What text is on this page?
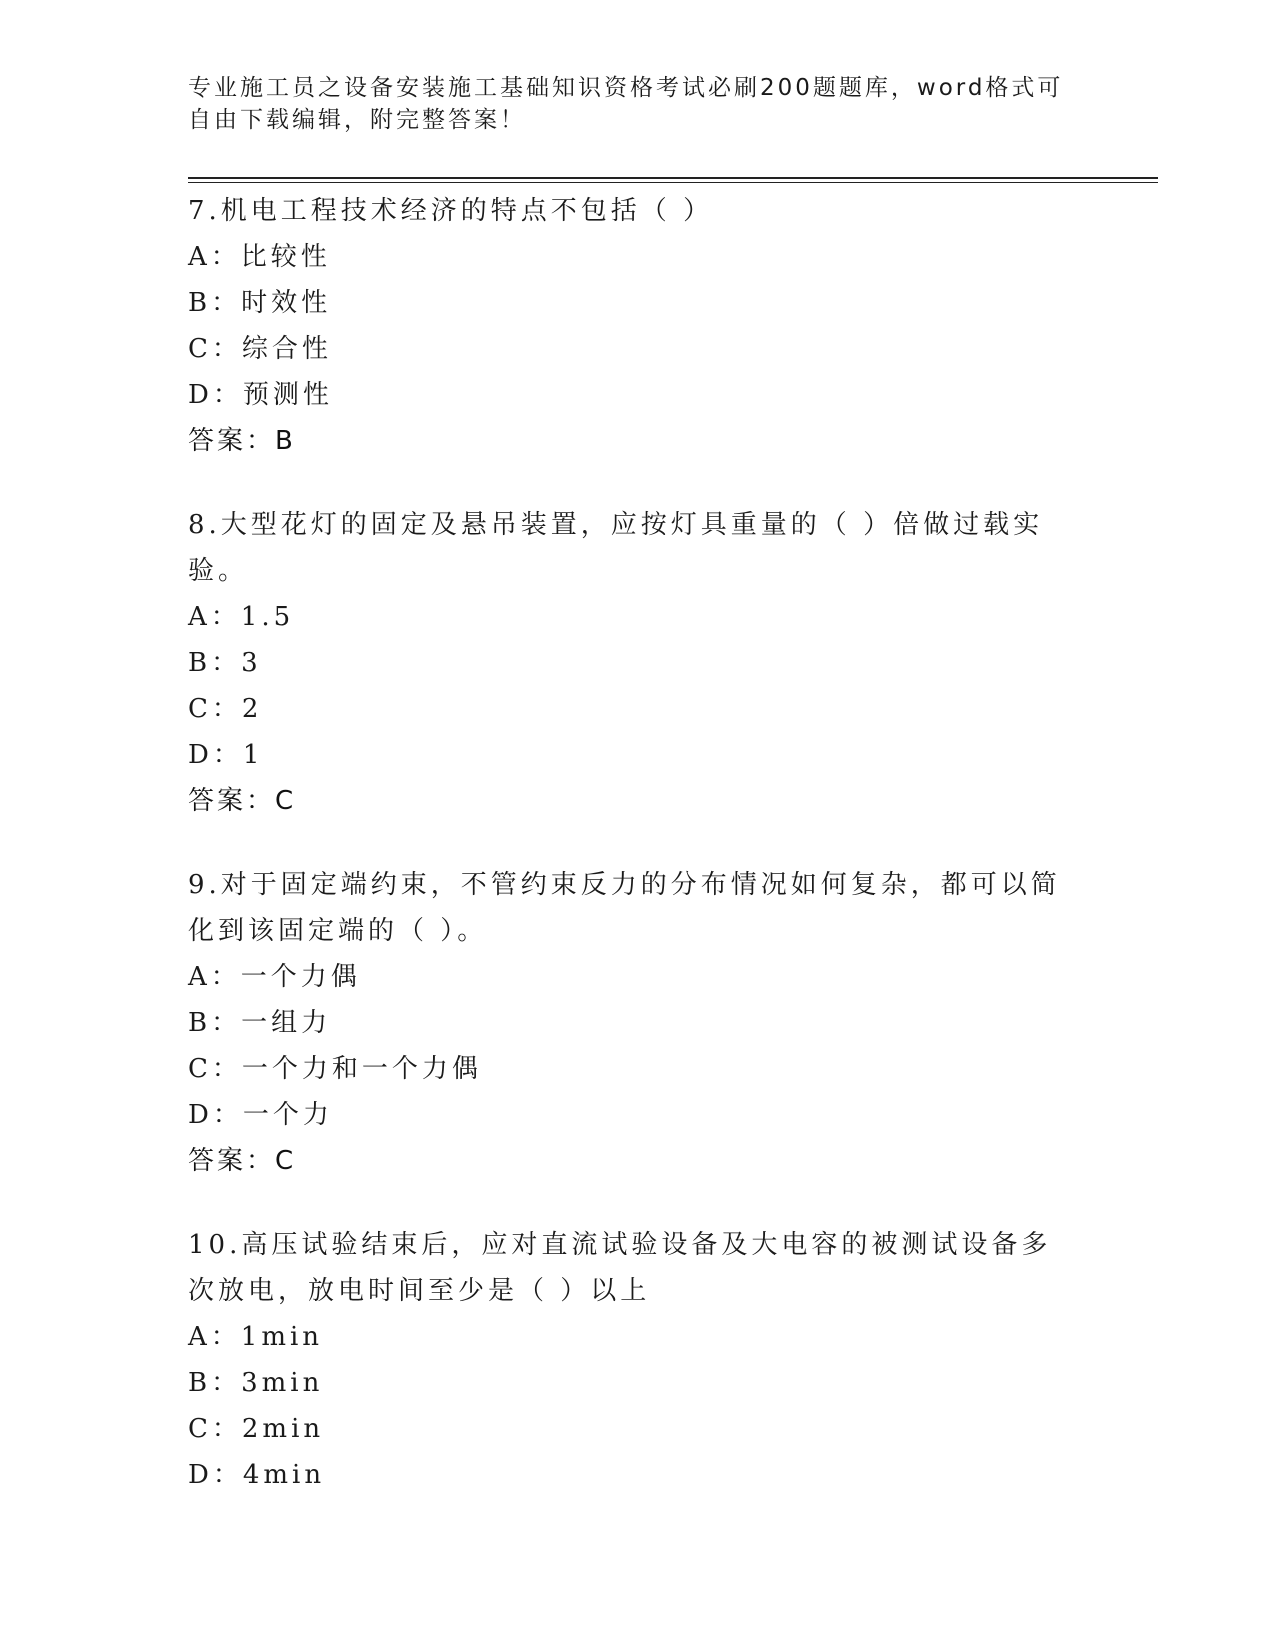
专业施工员之设备安装施工基础知识资格考试必刷200题题库，word格式可自由下载编辑，附完整答案！
7.机电工程技术经济的特点不包括（ ）
A：比较性
B：时效性
C：综合性
D：预测性
答案：B
8.大型花灯的固定及悬吊装置，应按灯具重量的（ ）倍做过载实验。
A：1.5
B：3
C：2
D：1
答案：C
9.对于固定端约束，不管约束反力的分布情况如何复杂，都可以简化到该固定端的（ ）。
A：一个力偶
B：一组力
C：一个力和一个力偶
D：一个力
答案：C
10.高压试验结束后，应对直流试验设备及大电容的被测试设备多次放电，放电时间至少是（ ）以上
A：1min
B：3min
C：2min
D：4min
